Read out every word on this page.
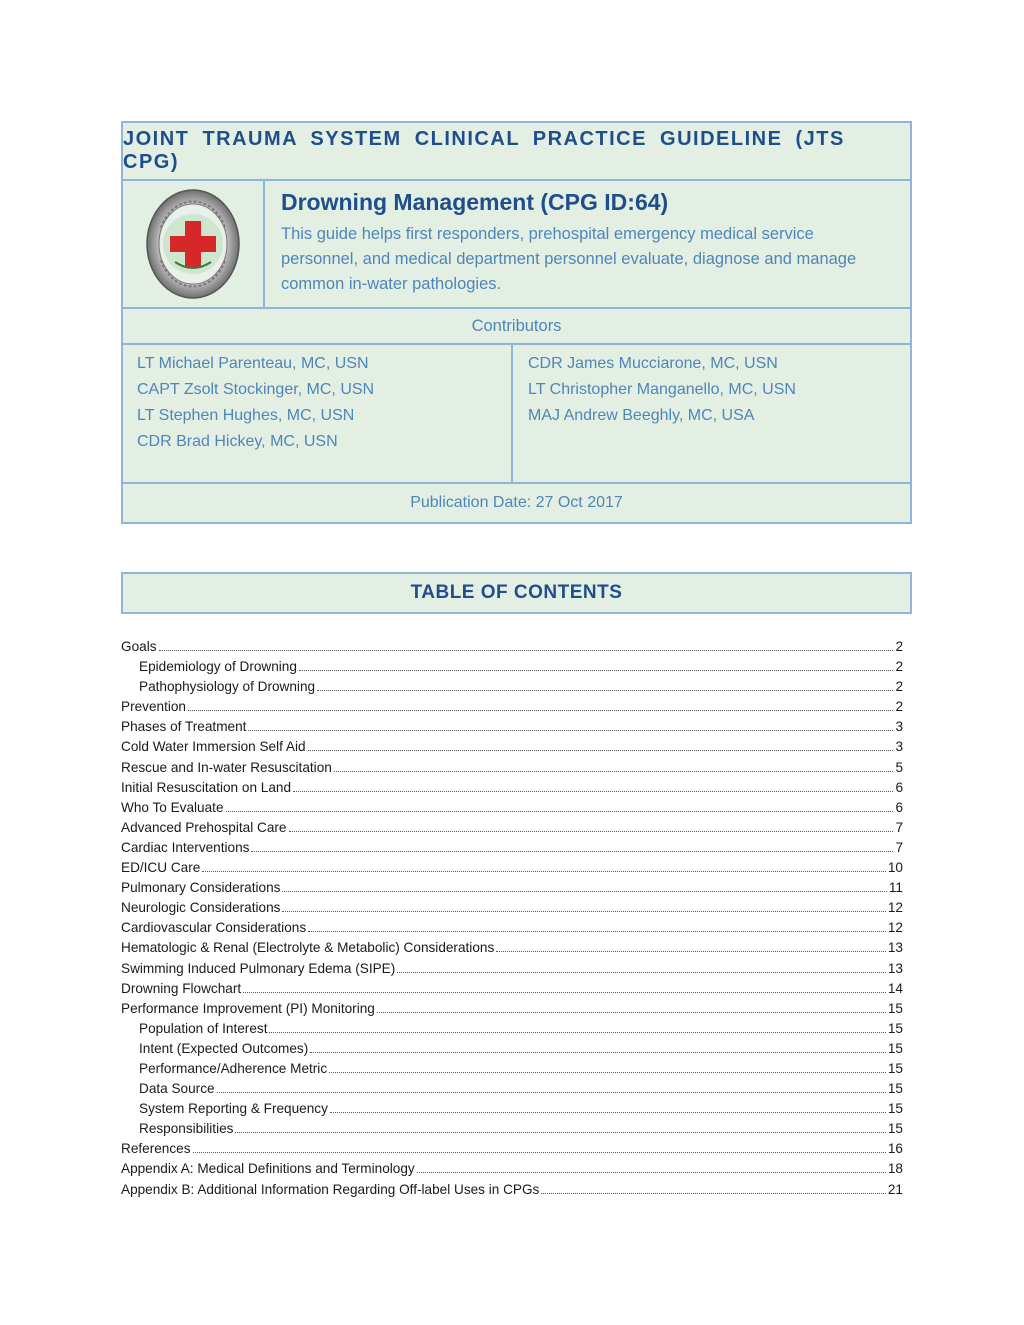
JOINT TRAUMA SYSTEM CLINICAL PRACTICE GUIDELINE (JTS CPG)

Drowning Management (CPG ID:64)

This guide helps first responders, prehospital emergency medical service personnel, and medical department personnel evaluate, diagnose and manage common in-water pathologies.

Contributors
LT Michael Parenteau, MC, USN
CAPT Zsolt Stockinger, MC, USN
LT Stephen Hughes, MC, USN
CDR Brad Hickey, MC, USN
CDR James Mucciarone, MC, USN
LT Christopher Manganello, MC, USN
MAJ Andrew Beeghly, MC, USA
Publication Date: 27 Oct 2017
TABLE OF CONTENTS
Goals	2
Epidemiology of Drowning	2
Pathophysiology of Drowning	2
Prevention	2
Phases of Treatment	3
Cold Water Immersion Self Aid	3
Rescue and In-water Resuscitation	5
Initial Resuscitation on Land	6
Who To Evaluate	6
Advanced Prehospital Care	7
Cardiac Interventions	7
ED/ICU Care	10
Pulmonary Considerations	11
Neurologic Considerations	12
Cardiovascular Considerations	12
Hematologic & Renal (Electrolyte & Metabolic) Considerations	13
Swimming Induced Pulmonary Edema (SIPE)	13
Drowning Flowchart	14
Performance Improvement (PI) Monitoring	15
Population of Interest	15
Intent (Expected Outcomes)	15
Performance/Adherence Metric	15
Data Source	15
System Reporting & Frequency	15
Responsibilities	15
References	16
Appendix A: Medical Definitions and Terminology	18
Appendix B: Additional Information Regarding Off-label Uses in CPGs	21
